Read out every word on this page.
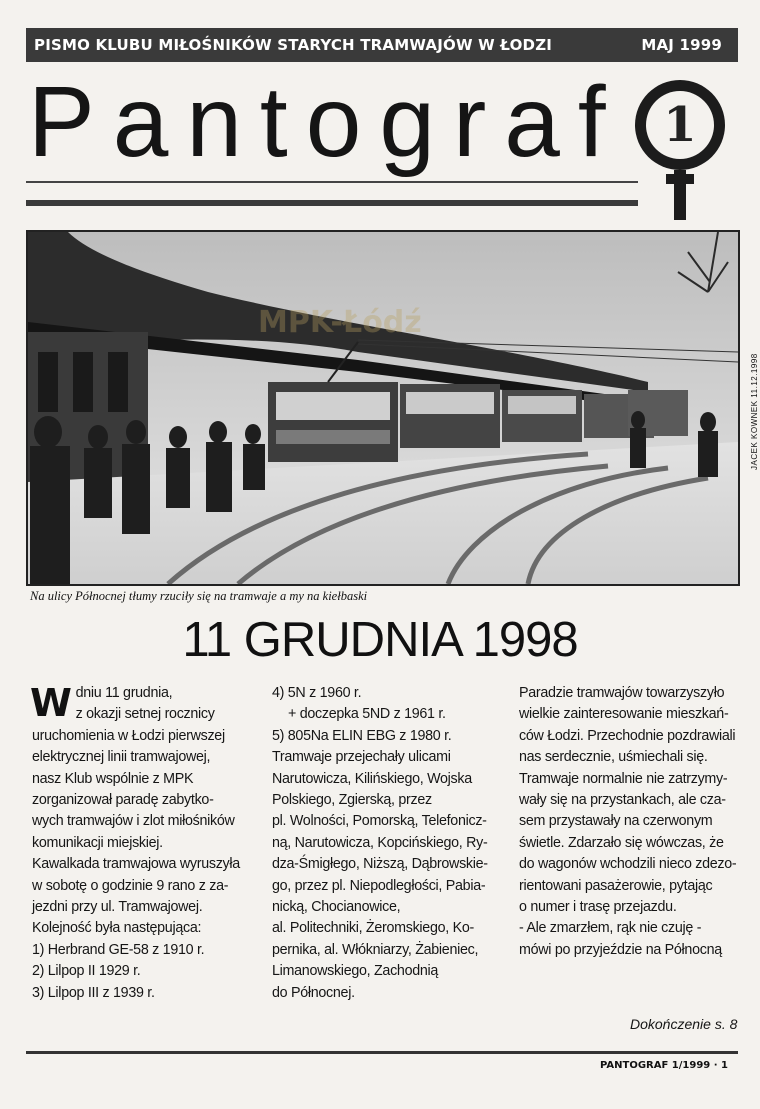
PISMO KLUBU MIŁOŚNIKÓW STARYCH TRAMWAJÓW W ŁODZI	MAJ 1999
Pantograf 1
MPK-Łódź
JACEK KOWNEK 11.12.1998
Na ulicy Północnej tłumy rzuciły się na tramwaje a my na kiełbaski
11 GRUDNIA 1998
W dniu 11 grudnia,
z okazji setnej rocznicy
uruchomienia w Łodzi pierwszej
elektrycznej linii tramwajowej,
nasz Klub wspólnie z MPK
zorganizował paradę zabytko-
wych tramwajów i zlot miłośników
komunikacji miejskiej.
Kawalkada tramwajowa wyruszyła
w sobotę o godzinie 9 rano z za-
jezdni przy ul. Tramwajowej.
Kolejność była następująca:
1) Herbrand GE-58 z 1910 r.
2) Lilpop II 1929 r.
3) Lilpop III z 1939 r.
4) 5N z 1960 r.
+ doczepka 5ND z 1961 r.
5) 805Na ELIN EBG z 1980 r.
Tramwaje przejechały ulicami
Narutowicza, Kilińskiego, Wojska
Polskiego, Zgierską, przez
pl. Wolności, Pomorską, Telefonicz-
ną, Narutowicza, Kopcińskiego, Ry-
dza-Śmigłego, Niższą, Dąbrowskie-
go, przez pl. Niepodległości, Pabia-
nicką, Chocianowice,
al. Politechniki, Żeromskiego, Ko-
pernika, al. Włókniarzy, Żabieniec,
Limanowskiego, Zachodnią
do Północnej.
Paradzie tramwajów towarzyszyło
wielkie zainteresowanie mieszkań-
ców Łodzi. Przechodnie pozdrawiali
nas serdecznie, uśmiechali się.
Tramwaje normalnie nie zatrzymy-
wały się na przystankach, ale cza-
sem przystawały na czerwonym
świetle. Zdarzało się wówczas, że
do wagonów wchodzili nieco zdezo-
rientowani pasażerowie, pytając
o numer i trasę przejazdu.
- Ale zmarzłem, rąk nie czuję -
mówi po przyjeździe na Północną
Dokończenie s. 8
PANTOGRAF 1/1999 · 1
